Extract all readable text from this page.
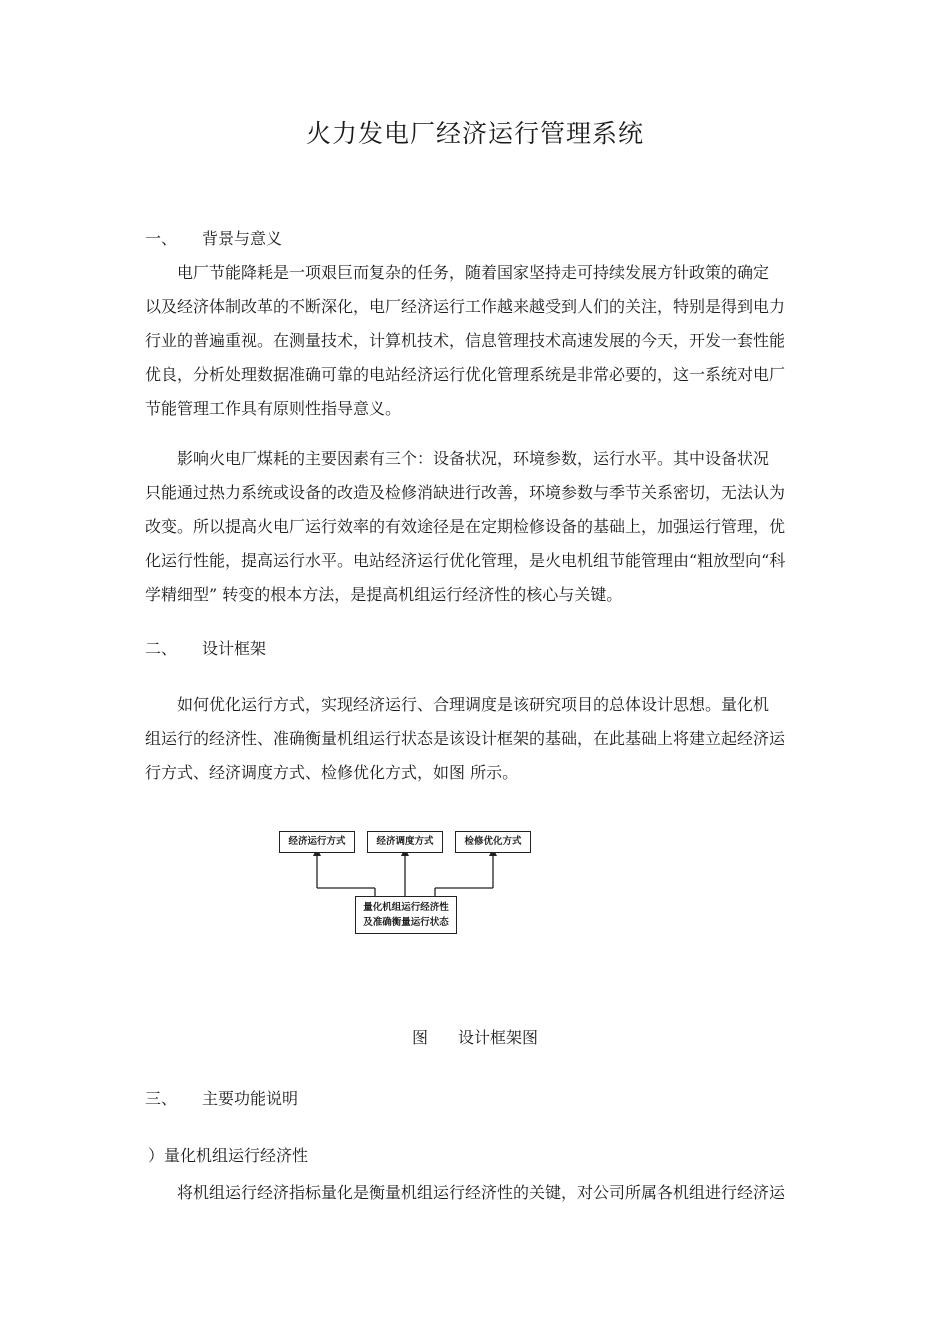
火力发电厂经济运行管理系统
一、 背景与意义
电厂节能降耗是一项艰巨而复杂的任务，随着国家坚持走可持续发展方针政策的确定
以及经济体制改革的不断深化，电厂经济运行工作越来越受到人们的关注，特别是得到电力
行业的普遍重视。在测量技术，计算机技术，信息管理技术高速发展的今天，开发一套性能
优良，分析处理数据准确可靠的电站经济运行优化管理系统是非常必要的，这一系统对电厂
节能管理工作具有原则性指导意义。
影响火电厂煤耗的主要因素有三个：设备状况，环境参数，运行水平。其中设备状况
只能通过热力系统或设备的改造及检修消缺进行改善，环境参数与季节关系密切，无法认为
改变。所以提高火电厂运行效率的有效途径是在定期检修设备的基础上，加强运行管理，优
化运行性能，提高运行水平。电站经济运行优化管理，是火电机组节能管理由“粗放型向“科
学精细型” 转变的根本方法，是提高机组运行经济性的核心与关键。
二、 设计框架
如何优化运行方式，实现经济运行、合理调度是该研究项目的总体设计思想。量化机
组运行的经济性、准确衡量机组运行状态是该设计框架的基础，在此基础上将建立起经济运
行方式、经济调度方式、检修优化方式，如图 所示。
经济运行方式	经济调度方式	检修优化方式
量化机组运行经济性
及准确衡量运行状态
图 设计框架图
三、 主要功能说明
）量化机组运行经济性
将机组运行经济指标量化是衡量机组运行经济性的关键，对公司所属各机组进行经济运
